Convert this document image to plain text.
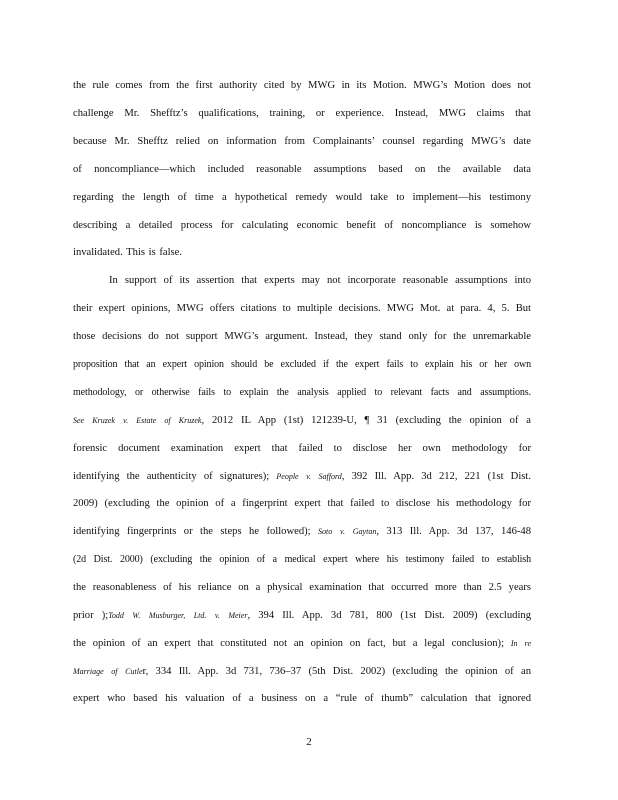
the rule comes from the first authority cited by MWG in its Motion. MWG’s Motion does not
challenge Mr. Shefftz’s qualifications, training, or experience. Instead, MWG claims that
because Mr. Shefftz relied on information from Complainants’ counsel regarding MWG’s date
of noncompliance—which included reasonable assumptions based on the available data
regarding the length of time a hypothetical remedy would take to implement—his testimony
describing a detailed process for calculating economic benefit of noncompliance is somehow
invalidated. This is false.
In support of its assertion that experts may not incorporate reasonable assumptions into
their expert opinions, MWG offers citations to multiple decisions. MWG Mot. at para. 4, 5. But
those decisions do not support MWG’s argument. Instead, they stand only for the unremarkable
proposition that an expert opinion should be excluded if the expert fails to explain his or her own
methodology, or otherwise fails to explain the analysis applied to relevant facts and assumptions.
See Kruzek v. Estate of Kruzek, 2012 IL App (1st) 121239-U, ¶ 31 (excluding the opinion of a
forensic document examination expert that failed to disclose her own methodology for
identifying the authenticity of signatures); People v. Safford, 392 Ill. App. 3d 212, 221 (1st Dist.
2009) (excluding the opinion of a fingerprint expert that failed to disclose his methodology for
identifying fingerprints or the steps he followed); Soto v. Gaytan, 313 Ill. App. 3d 137, 146-48
(2d Dist. 2000) (excluding the opinion of a medical expert where his testimony failed to establish
the reasonableness of his reliance on a physical examination that occurred more than 2.5 years
prior );Todd W. Musburger, Ltd. v. Meier, 394 Ill. App. 3d 781, 800 (1st Dist. 2009) (excluding
the opinion of an expert that constituted not an opinion on fact, but a legal conclusion); In re
Marriage of Cutler, 334 Ill. App. 3d 731, 736–37 (5th Dist. 2002) (excluding the opinion of an
expert who based his valuation of a business on a “rule of thumb” calculation that ignored
2
